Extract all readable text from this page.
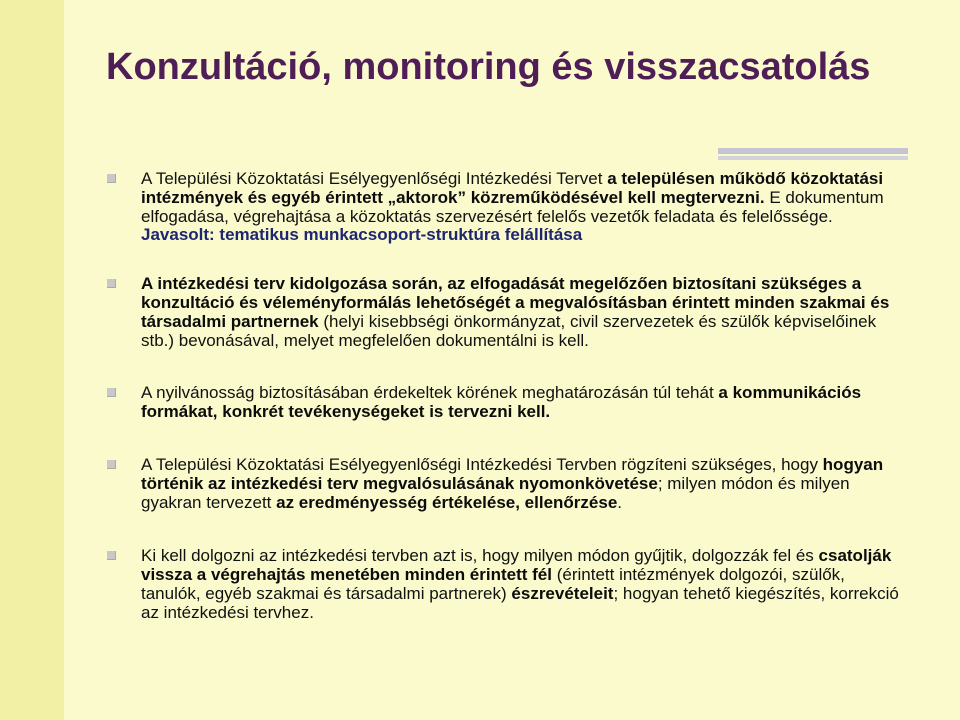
Konzultáció, monitoring és visszacsatolás
A Települési Közoktatási Esélyegyenlőségi Intézkedési Tervet a településen működő közoktatási intézmények és egyéb érintett „aktorok” közreműködésével kell megtervezni. E dokumentum elfogadása, végrehajtása a közoktatás szervezésért felelős vezetők feladata és felelőssége. Javasolt: tematikus munkacsoport-struktúra felállítása
A intézkedési terv kidolgozása során, az elfogadását megelőzően biztosítani szükséges a konzultáció és véleményformálás lehetőségét a megvalósításban érintett minden szakmai és társadalmi partnernek (helyi kisebbségi önkormányzat, civil szervezetek és szülők képviselőinek stb.) bevonásával, melyet megfelelően dokumentálni is kell.
A nyilvánosság biztosításában érdekeltek körének meghatározásán túl tehát a kommunikációs formákat, konkrét tevékenységeket is tervezni kell.
A Települési Közoktatási Esélyegyenlőségi Intézkedési Tervben rögzíteni szükséges, hogy hogyan történik az intézkedési terv megvalósulásának nyomonkövetése; milyen módon és milyen gyakran tervezett az eredményesség értékelése, ellenőrzése.
Ki kell dolgozni az intézkedési tervben azt is, hogy milyen módon gyűjtik, dolgozzák fel és csatolják vissza a végrehajtás menetében minden érintett fél (érintett intézmények dolgozói, szülők, tanulók, egyéb szakmai és társadalmi partnerek) észrevételeit; hogyan tehető kiegészítés, korrekció az intézkedési tervhez.
